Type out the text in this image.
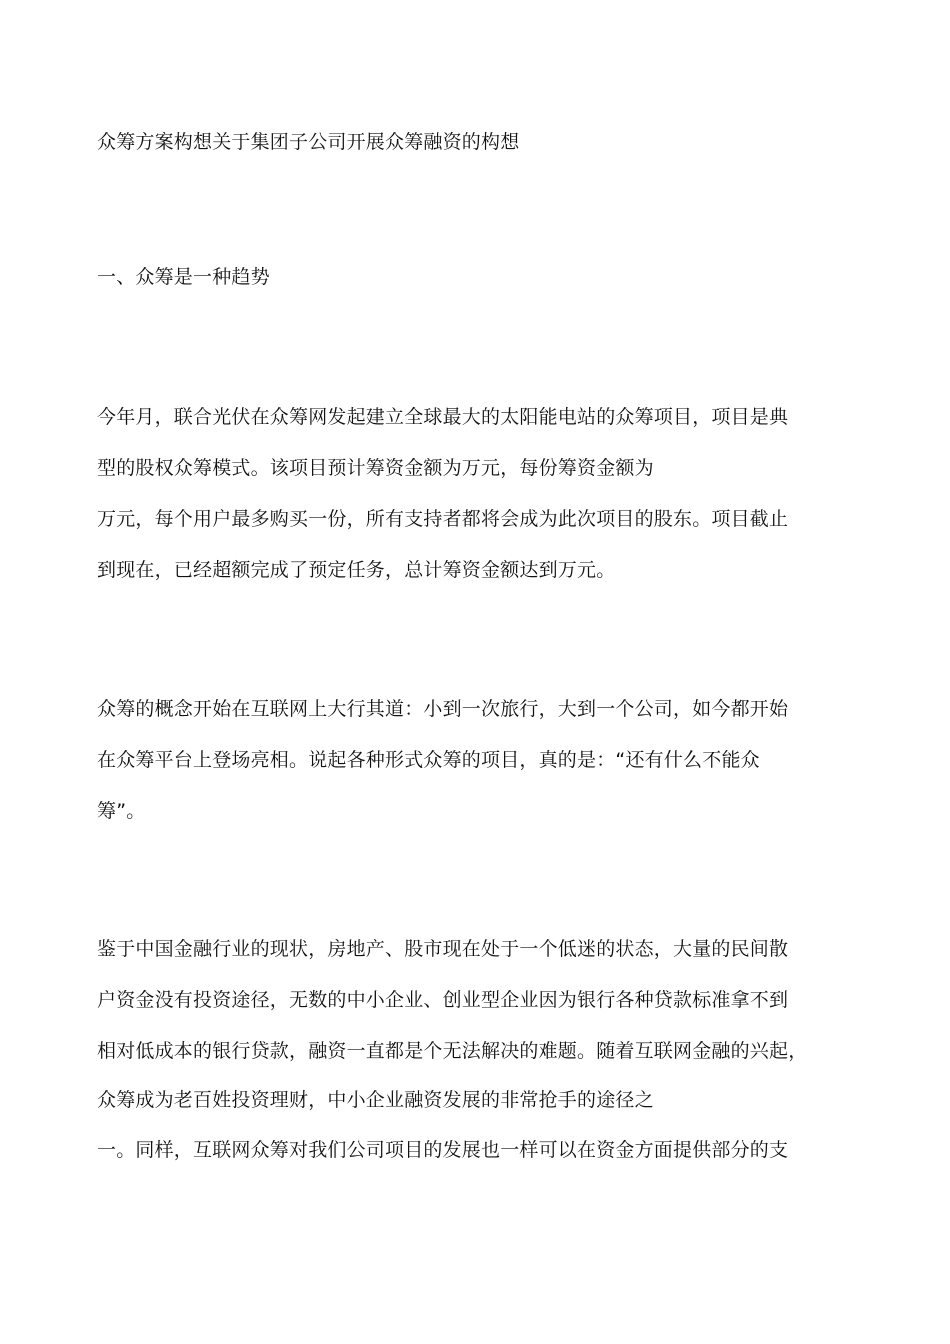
众筹方案构想关于集团子公司开展众筹融资的构想
一、众筹是一种趋势
今年月，联合光伏在众筹网发起建立全球最大的太阳能电站的众筹项目，项目是典
型的股权众筹模式。该项目预计筹资金额为万元，每份筹资金额为
万元，每个用户最多购买一份，所有支持者都将会成为此次项目的股东。项目截止
到现在，已经超额完成了预定任务，总计筹资金额达到万元。
众筹的概念开始在互联网上大行其道：小到一次旅行，大到一个公司，如今都开始
在众筹平台上登场亮相。说起各种形式众筹的项目，真的是：“还有什么不能众
筹”。
鉴于中国金融行业的现状，房地产、股市现在处于一个低迷的状态，大量的民间散
户资金没有投资途径，无数的中小企业、创业型企业因为银行各种贷款标准拿不到
相对低成本的银行贷款，融资一直都是个无法解决的难题。随着互联网金融的兴起，
众筹成为老百姓投资理财，中小企业融资发展的非常抢手的途径之
一。同样，互联网众筹对我们公司项目的发展也一样可以在资金方面提供部分的支
